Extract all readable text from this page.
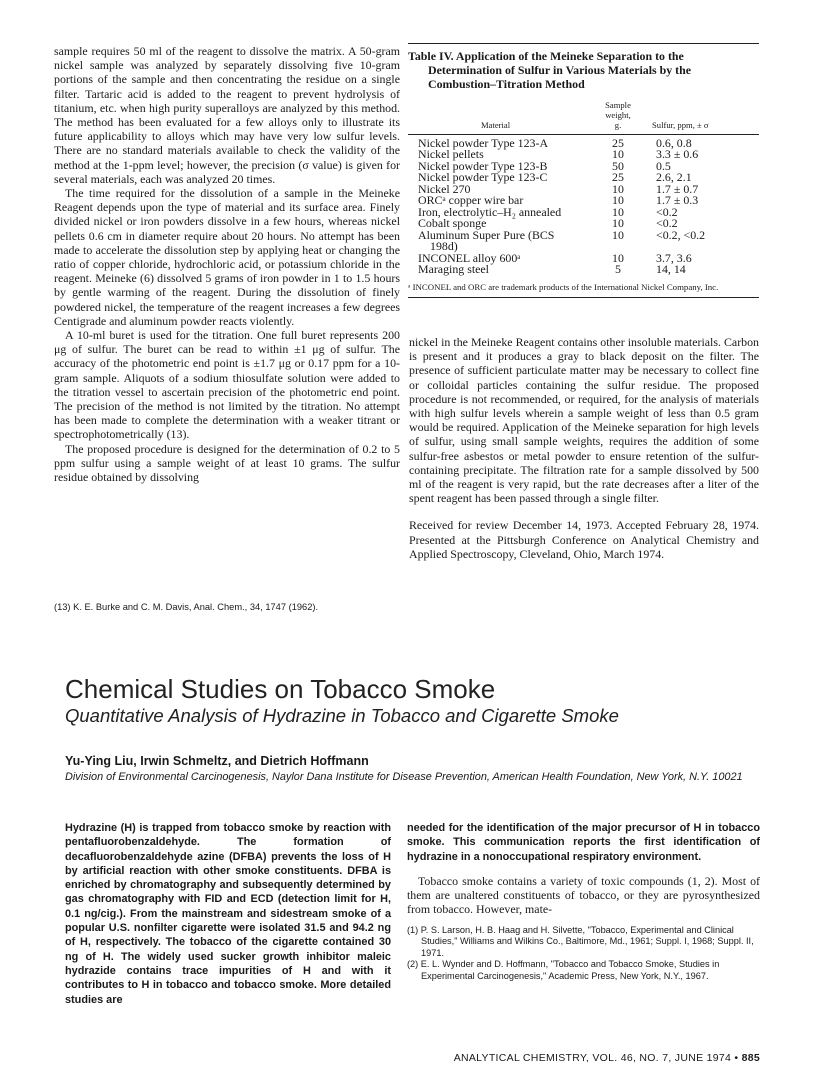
sample requires 50 ml of the reagent to dissolve the matrix. A 50-gram nickel sample was analyzed by separately dissolving five 10-gram portions of the sample and then concentrating the residue on a single filter. Tartaric acid is added to the reagent to prevent hydrolysis of titanium, etc. when high purity superalloys are analyzed by this method. The method has been evaluated for a few alloys only to illustrate its future applicability to alloys which may have very low sulfur levels. There are no standard materials available to check the validity of the method at the 1-ppm level; however, the precision (σ value) is given for several materials, each was analyzed 20 times.

The time required for the dissolution of a sample in the Meineke Reagent depends upon the type of material and its surface area. Finely divided nickel or iron powders dissolve in a few hours, whereas nickel pellets 0.6 cm in diameter require about 20 hours. No attempt has been made to accelerate the dissolution step by applying heat or changing the ratio of copper chloride, hydrochloric acid, or potassium chloride in the reagent. Meineke (6) dissolved 5 grams of iron powder in 1 to 1.5 hours by gentle warming of the reagent. During the dissolution of finely powdered nickel, the temperature of the reagent increases a few degrees Centigrade and aluminum powder reacts violently.

A 10-ml buret is used for the titration. One full buret represents 200 μg of sulfur. The buret can be read to within ±1 μg of sulfur. The accuracy of the photometric end point is ±1.7 μg or 0.17 ppm for a 10-gram sample. Aliquots of a sodium thiosulfate solution were added to the titration vessel to ascertain precision of the photometric end point. The precision of the method is not limited by the titration. No attempt has been made to complete the determination with a weaker titrant or spectrophotometrically (13).

The proposed procedure is designed for the determination of 0.2 to 5 ppm sulfur using a sample weight of at least 10 grams. The sulfur residue obtained by dissolving

(13) K. E. Burke and C. M. Davis, Anal. Chem., 34, 1747 (1962).
Table IV. Application of the Meineke Separation to the Determination of Sulfur in Various Materials by the Combustion–Titration Method
Material
Sample
weight,
g.	Sulfur, ppm, ± σ
Nickel powder Type 123-A	25	0.6, 0.8
Nickel pellets	10	3.3 ± 0.6
Nickel powder Type 123-B	50	0.5
Nickel powder Type 123-C	25	2.6, 2.1
Nickel 270	10	1.7 ± 0.7
ORCᵃ copper wire bar	10	1.7 ± 0.3
Iron, electrolytic–H₂ annealed	10	<0.2
Cobalt sponge	10	<0.2
Aluminum Super Pure (BCS
198d)
10	<0.2, <0.2
INCONEL alloy 600ᵃ	10	3.7, 3.6
Maraging steel	5	14, 14
ᵃ INCONEL and ORC are trademark products of the International Nickel Company, Inc.

nickel in the Meineke Reagent contains other insoluble materials. Carbon is present and it produces a gray to black deposit on the filter. The presence of sufficient particulate matter may be necessary to collect fine or colloidal particles containing the sulfur residue. The proposed procedure is not recommended, or required, for the analysis of materials with high sulfur levels wherein a sample weight of less than 0.5 gram would be required. Application of the Meineke separation for high levels of sulfur, using small sample weights, requires the addition of some sulfur-free asbestos or metal powder to ensure retention of the sulfur-containing precipitate. The filtration rate for a sample dissolved by 500 ml of the reagent is very rapid, but the rate decreases after a liter of the spent reagent has been passed through a single filter.

Received for review December 14, 1973. Accepted February 28, 1974. Presented at the Pittsburgh Conference on Analytical Chemistry and Applied Spectroscopy, Cleveland, Ohio, March 1974.

Chemical Studies on Tobacco Smoke
Quantitative Analysis of Hydrazine in Tobacco and Cigarette Smoke
Yu-Ying Liu, Irwin Schmeltz, and Dietrich Hoffmann
Division of Environmental Carcinogenesis, Naylor Dana Institute for Disease Prevention, American Health Foundation, New York, N.Y. 10021
Hydrazine (H) is trapped from tobacco smoke by reaction with pentafluorobenzaldehyde. The formation of decafluorobenzaldehyde azine (DFBA) prevents the loss of H by artificial reaction with other smoke constituents. DFBA is enriched by chromatography and subsequently determined by gas chromatography with FID and ECD (detection limit for H, 0.1 ng/cig.). From the mainstream and sidestream smoke of a popular U.S. nonfilter cigarette were isolated 31.5 and 94.2 ng of H, respectively. The tobacco of the cigarette contained 30 ng of H. The widely used sucker growth inhibitor maleic hydrazide contains trace impurities of H and with it contributes to H in tobacco and tobacco smoke. More detailed studies are
needed for the identification of the major precursor of H in tobacco smoke. This communication reports the first identification of hydrazine in a nonoccupational respiratory environment.
Tobacco smoke contains a variety of toxic compounds (1, 2). Most of them are unaltered constituents of tobacco, or they are pyrosynthesized from tobacco. However, mate-
(1) P. S. Larson, H. B. Haag and H. Silvette, "Tobacco, Experimental and Clinical Studies," Williams and Wilkins Co., Baltimore, Md., 1961; Suppl. I, 1968; Suppl. II, 1971.
(2) E. L. Wynder and D. Hoffmann, "Tobacco and Tobacco Smoke, Studies in Experimental Carcinogenesis," Academic Press, New York, N.Y., 1967.
ANALYTICAL CHEMISTRY, VOL. 46, NO. 7, JUNE 1974 • 885
